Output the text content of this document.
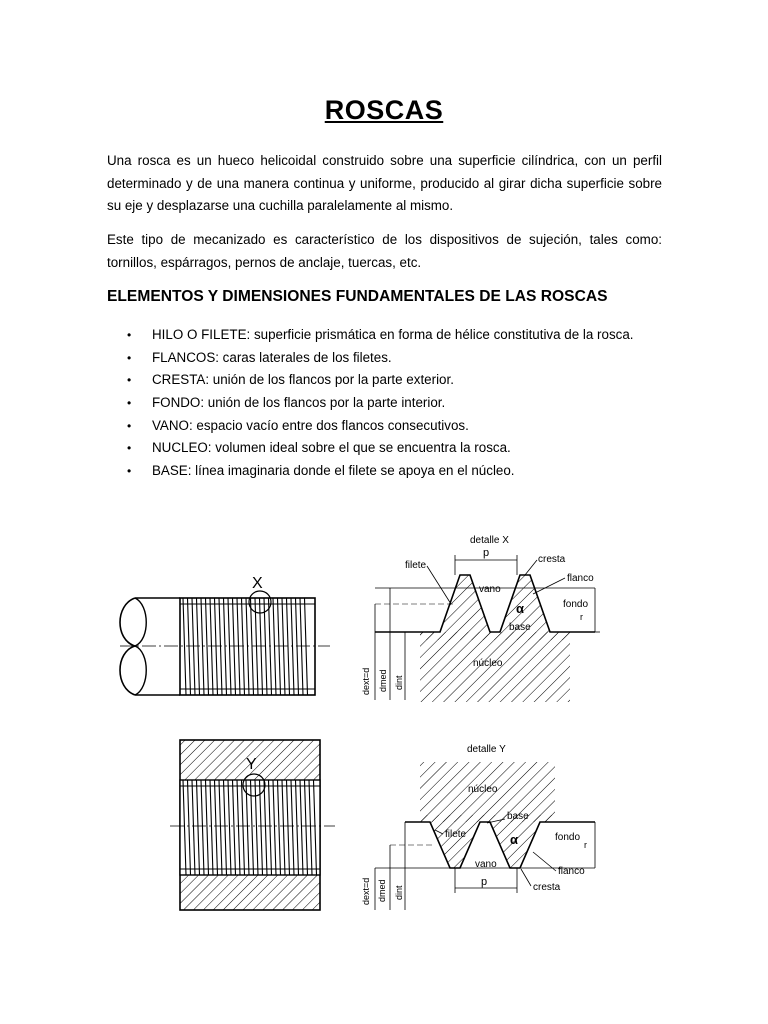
ROSCAS

Una rosca es un hueco helicoidal construido sobre una superficie cilíndrica, con un perfil determinado y de una manera continua y uniforme, producido al girar dicha superficie sobre su eje y desplazarse una cuchilla paralelamente al mismo.

Este tipo de mecanizado es característico de los dispositivos de sujeción, tales como: tornillos, espárragos, pernos de anclaje, tuercas, etc.

ELEMENTOS Y DIMENSIONES FUNDAMENTALES DE LAS ROSCAS
• HILO O FILETE: superficie prismática en forma de hélice constitutiva de la rosca.
• FLANCOS: caras laterales de los filetes.
• CRESTA: unión de los flancos por la parte exterior.
• FONDO: unión de los flancos por la parte interior.
• VANO: espacio vacío entre dos flancos consecutivos.
• NUCLEO: volumen ideal sobre el que se encuentra la rosca.
• BASE: línea imaginaria donde el filete se apoya en el núcleo.
X
detalle X
p
filete
cresta
flanco
vano
α	fondo
r
base
núcleo
dext=d dmed dint
Y
detalle Y
p
núcleo
base
filete	α	fondo
r
vano
flanco
cresta
dext=d dmed dint
